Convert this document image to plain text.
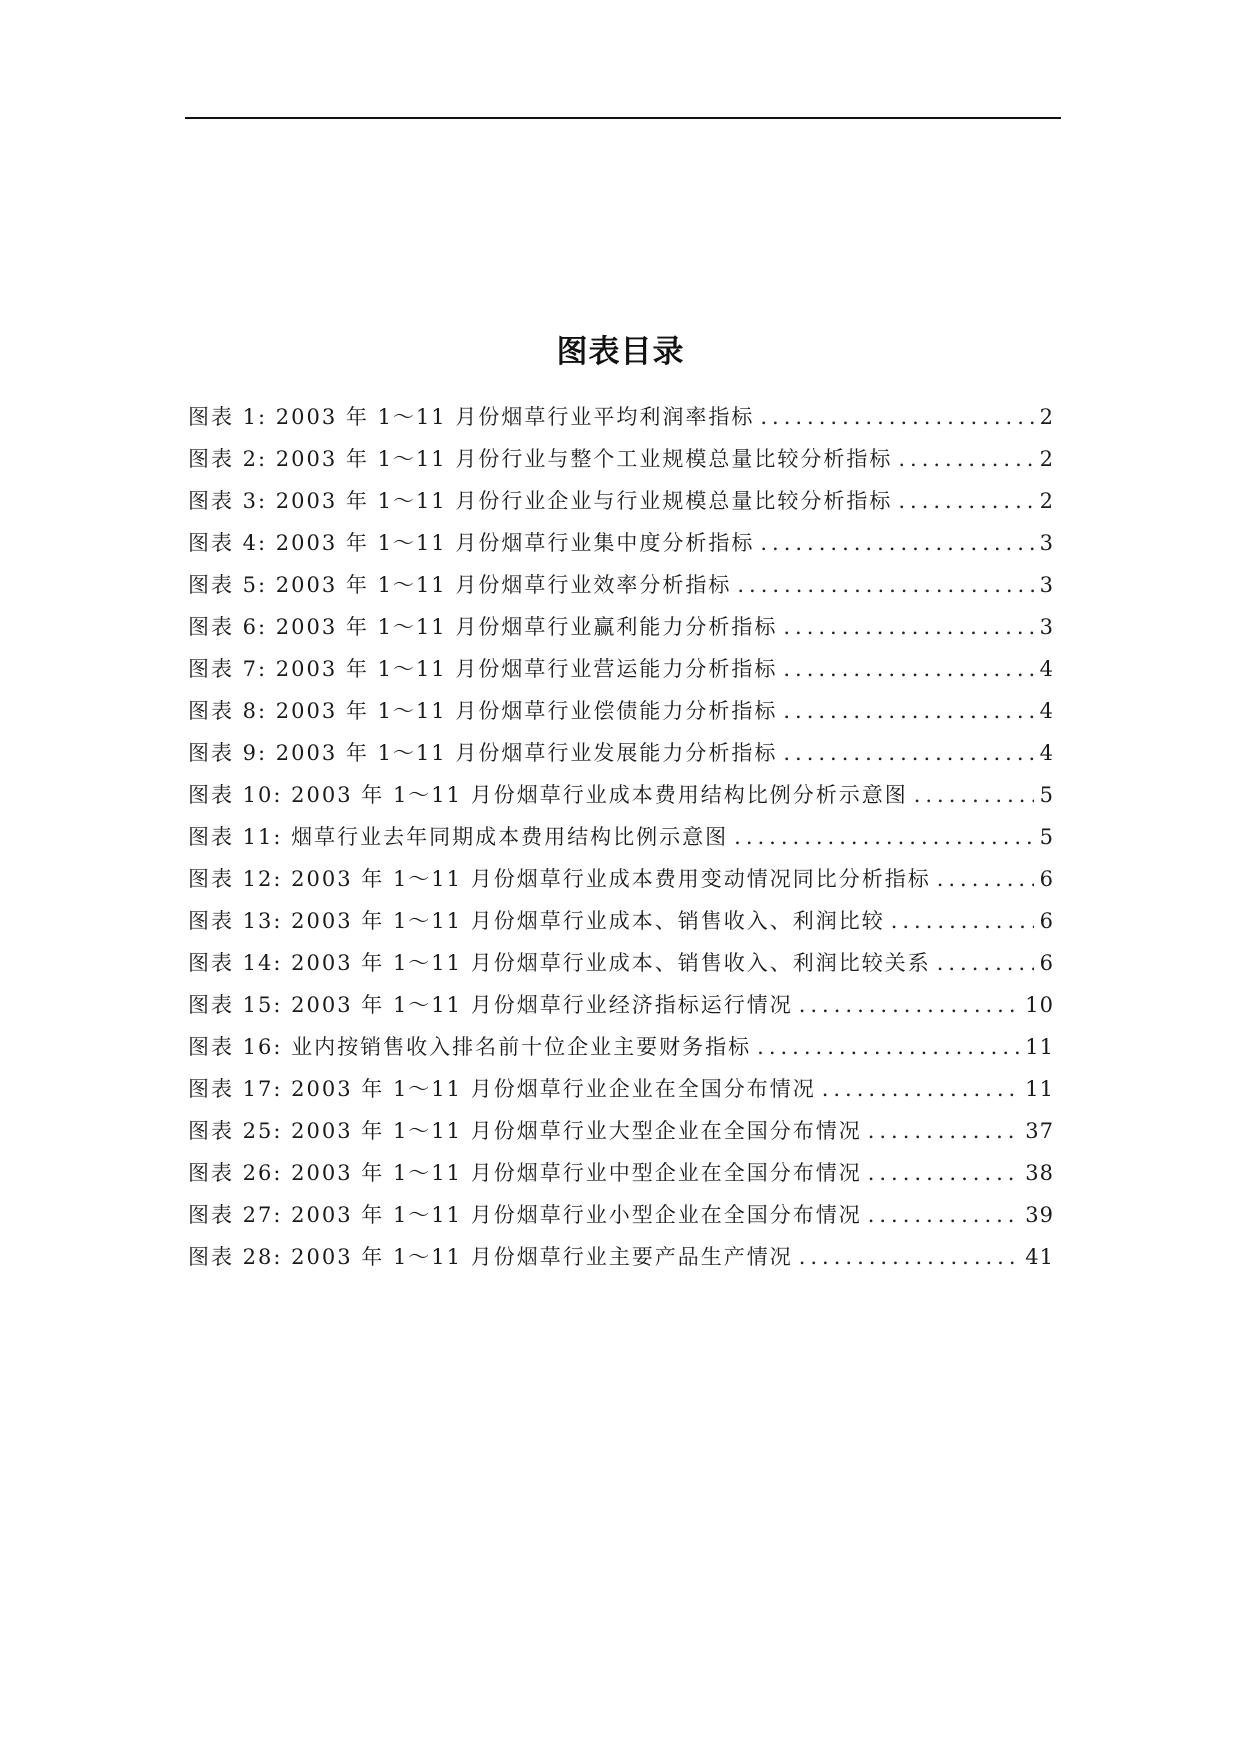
图表目录
图表 1: 2003 年 1～11 月份烟草行业平均利润率指标 .....	2
图表 2: 2003 年 1～11 月份行业与整个工业规模总量比较分析指标 .....	2
图表 3: 2003 年 1～11 月份行业企业与行业规模总量比较分析指标 .....	2
图表 4: 2003 年 1～11 月份烟草行业集中度分析指标 .....	3
图表 5: 2003 年 1～11 月份烟草行业效率分析指标 .....	3
图表 6: 2003 年 1～11 月份烟草行业赢利能力分析指标 .....	3
图表 7: 2003 年 1～11 月份烟草行业营运能力分析指标 .....	4
图表 8: 2003 年 1～11 月份烟草行业偿债能力分析指标 .....	4
图表 9: 2003 年 1～11 月份烟草行业发展能力分析指标 .....	4
图表 10: 2003 年 1～11 月份烟草行业成本费用结构比例分析示意图 .....	5
图表 11: 烟草行业去年同期成本费用结构比例示意图 .....	5
图表 12: 2003 年 1～11 月份烟草行业成本费用变动情况同比分析指标 .....	6
图表 13: 2003 年 1～11 月份烟草行业成本、销售收入、利润比较 .....	6
图表 14: 2003 年 1～11 月份烟草行业成本、销售收入、利润比较关系 .....	6
图表 15: 2003 年 1～11 月份烟草行业经济指标运行情况 .....	10
图表 16: 业内按销售收入排名前十位企业主要财务指标 .....	11
图表 17: 2003 年 1～11 月份烟草行业企业在全国分布情况 .....	11
图表 25: 2003 年 1～11 月份烟草行业大型企业在全国分布情况 .....	37
图表 26: 2003 年 1～11 月份烟草行业中型企业在全国分布情况 .....	38
图表 27: 2003 年 1～11 月份烟草行业小型企业在全国分布情况 .....	39
图表 28: 2003 年 1～11 月份烟草行业主要产品生产情况 .....	41
